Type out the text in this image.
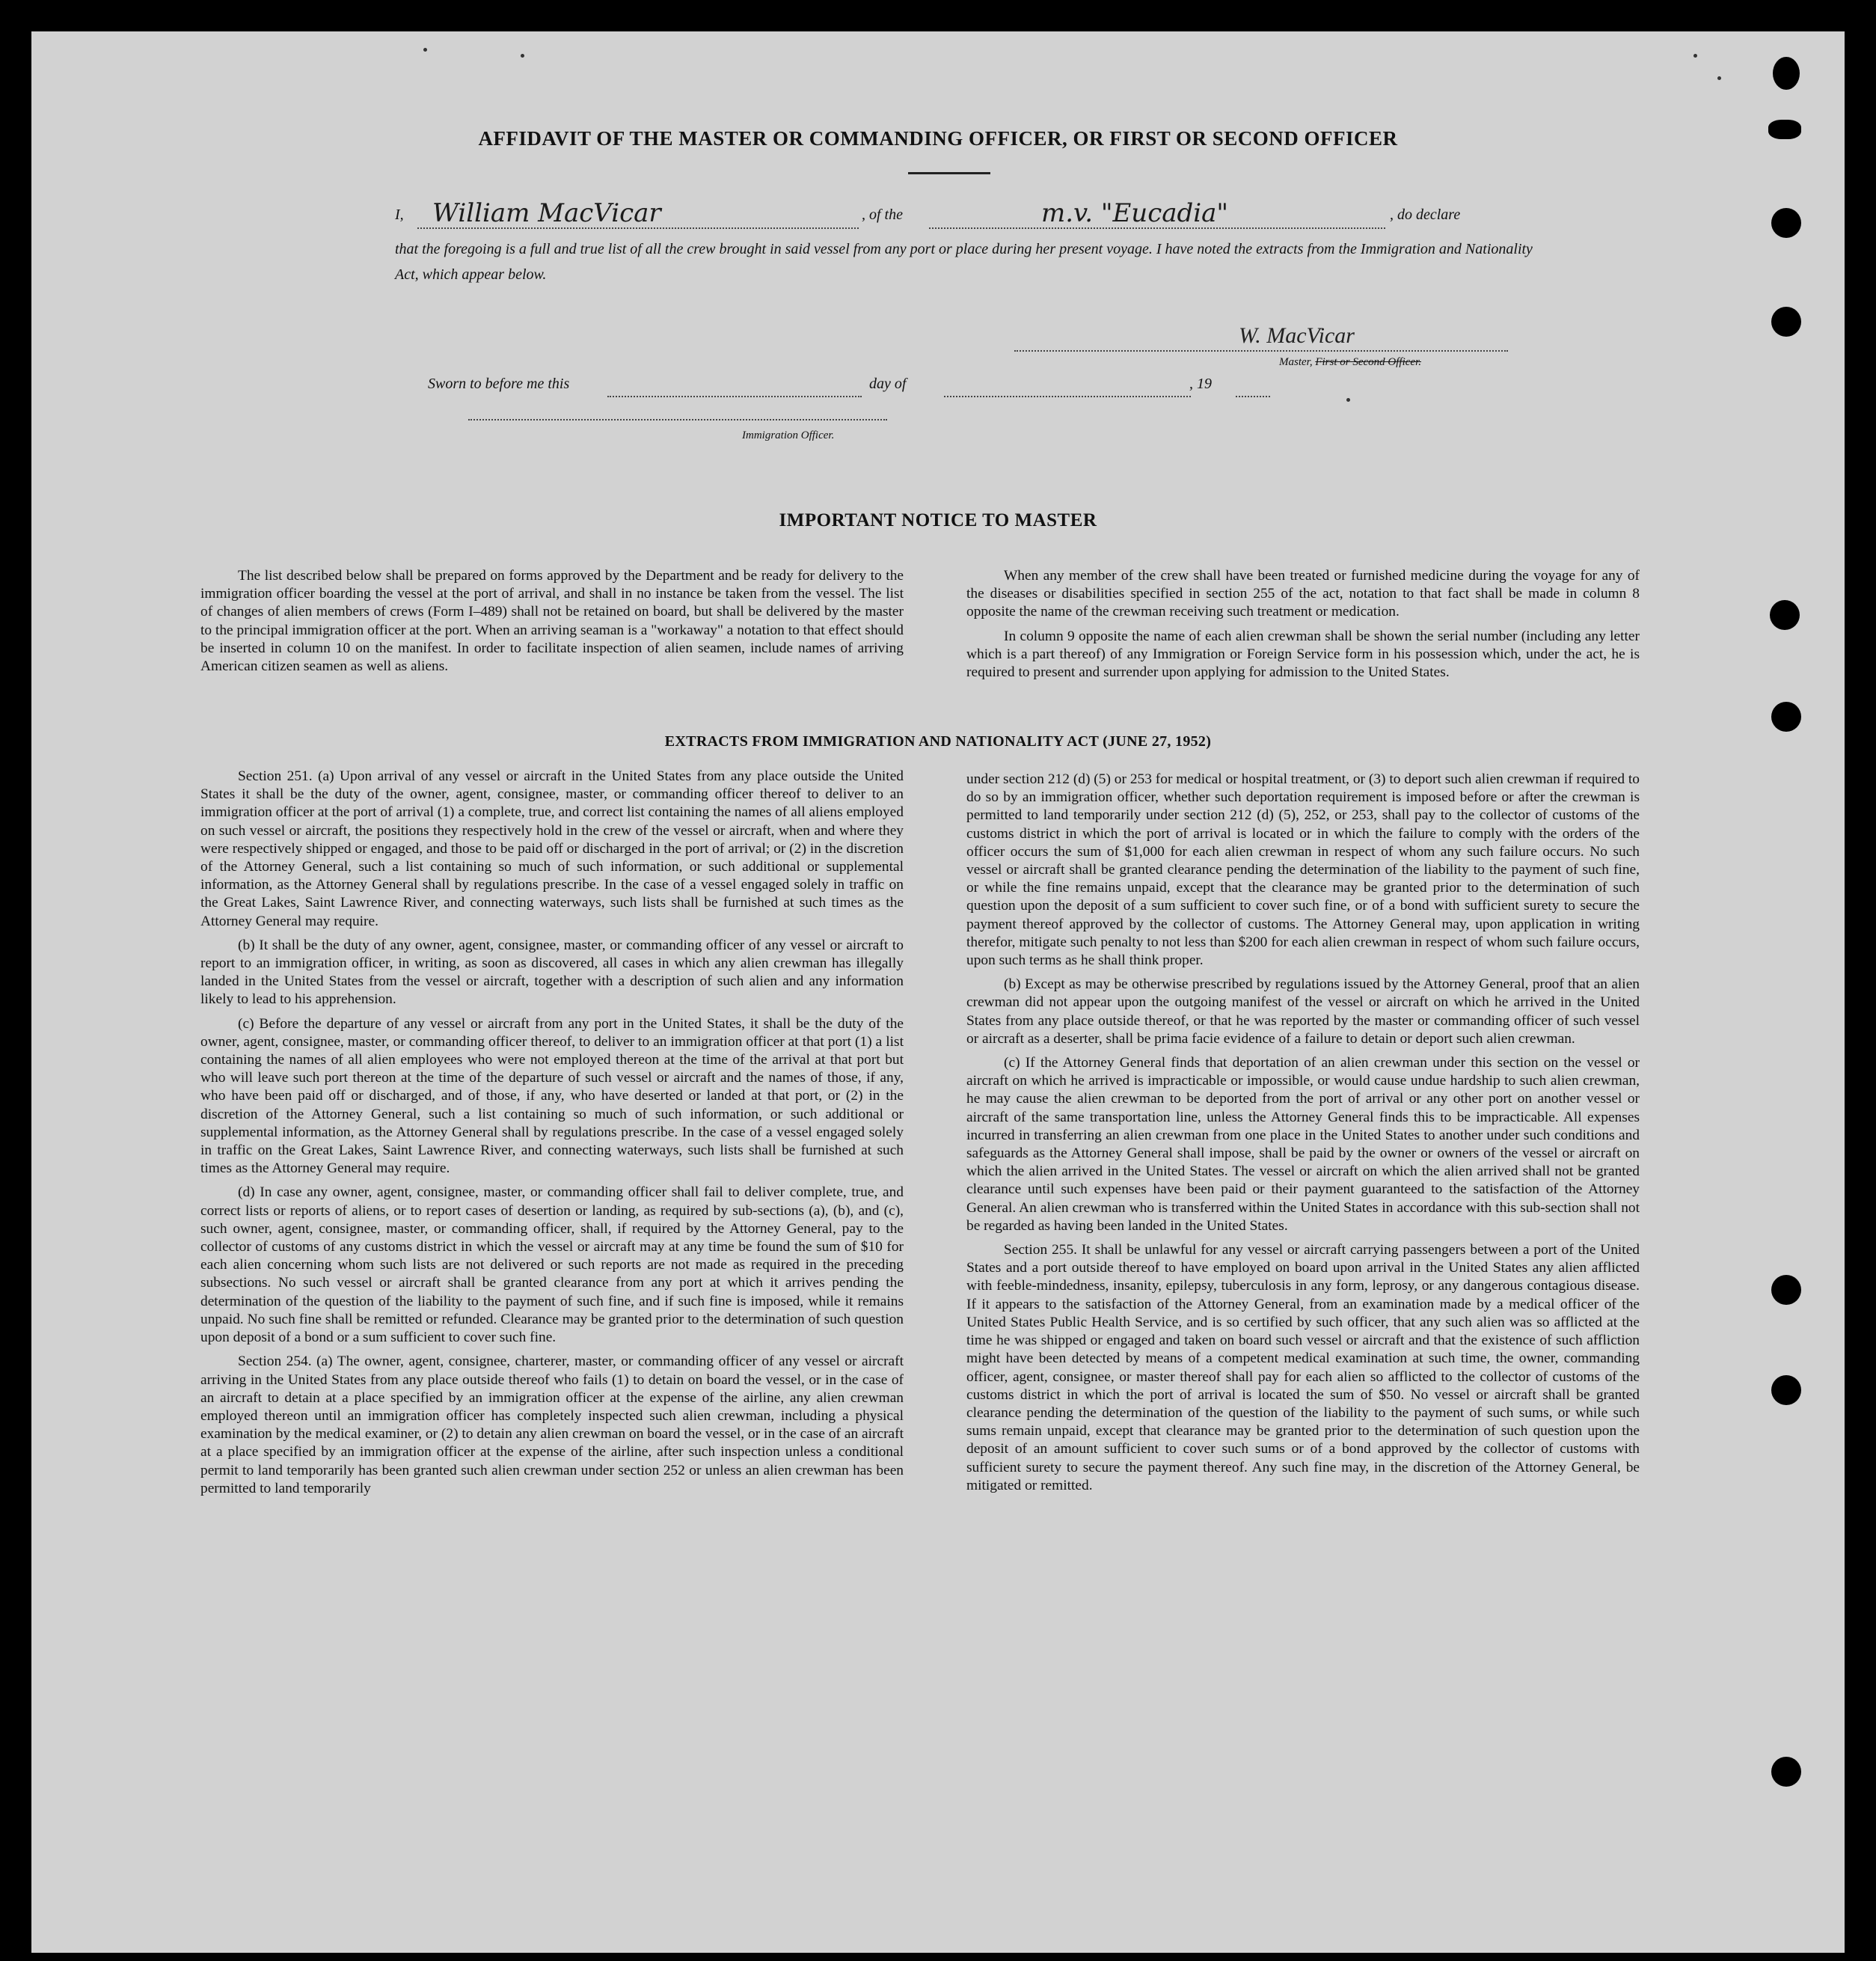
AFFIDAVIT OF THE MASTER OR COMMANDING OFFICER, OR FIRST OR SECOND OFFICER
I, William MacVicar	, of the	m.v. "Eucadia"	, do declare
that the foregoing is a full and true list of all the crew brought in said vessel from any port or place during her present voyage. I have noted the extracts from the Immigration and Nationality Act, which appear below.
W. MacVicar
Master, First or Second Officer.
Sworn to before me this	day of	, 19
Immigration Officer.
IMPORTANT NOTICE TO MASTER

The list described below shall be prepared on forms approved by the Department and be ready for delivery to the immigration officer boarding the vessel at the port of arrival, and shall in no instance be taken from the vessel. The list of changes of alien members of crews (Form I–489) shall not be retained on board, but shall be delivered by the master to the principal immigration officer at the port. When an arriving seaman is a "workaway" a notation to that effect should be inserted in column 10 on the manifest. In order to facilitate inspection of alien seamen, include names of arriving American citizen seamen as well as aliens.

When any member of the crew shall have been treated or furnished medicine during the voyage for any of the diseases or disabilities specified in section 255 of the act, notation to that fact shall be made in column 8 opposite the name of the crewman receiving such treatment or medication.

In column 9 opposite the name of each alien crewman shall be shown the serial number (including any letter which is a part thereof) of any Immigration or Foreign Service form in his possession which, under the act, he is required to present and surrender upon applying for admission to the United States.

EXTRACTS FROM IMMIGRATION AND NATIONALITY ACT (JUNE 27, 1952)

Section 251. (a) Upon arrival of any vessel or aircraft in the United States from any place outside the United States it shall be the duty of the owner, agent, consignee, master, or commanding officer thereof to deliver to an immigration officer at the port of arrival (1) a complete, true, and correct list containing the names of all aliens employed on such vessel or aircraft, the positions they respectively hold in the crew of the vessel or aircraft, when and where they were respectively shipped or engaged, and those to be paid off or discharged in the port of arrival; or (2) in the discretion of the Attorney General, such a list containing so much of such information, or such additional or supplemental information, as the Attorney General shall by regulations prescribe. In the case of a vessel engaged solely in traffic on the Great Lakes, Saint Lawrence River, and connecting waterways, such lists shall be furnished at such times as the Attorney General may require.

(b) It shall be the duty of any owner, agent, consignee, master, or commanding officer of any vessel or aircraft to report to an immigration officer, in writing, as soon as discovered, all cases in which any alien crewman has illegally landed in the United States from the vessel or aircraft, together with a description of such alien and any information likely to lead to his apprehension.

(c) Before the departure of any vessel or aircraft from any port in the United States, it shall be the duty of the owner, agent, consignee, master, or commanding officer thereof, to deliver to an immigration officer at that port (1) a list containing the names of all alien employees who were not employed thereon at the time of the arrival at that port but who will leave such port thereon at the time of the departure of such vessel or aircraft and the names of those, if any, who have been paid off or discharged, and of those, if any, who have deserted or landed at that port, or (2) in the discretion of the Attorney General, such a list containing so much of such information, or such additional or supplemental information, as the Attorney General shall by regulations prescribe. In the case of a vessel engaged solely in traffic on the Great Lakes, Saint Lawrence River, and connecting waterways, such lists shall be furnished at such times as the Attorney General may require.

(d) In case any owner, agent, consignee, master, or commanding officer shall fail to deliver complete, true, and correct lists or reports of aliens, or to report cases of desertion or landing, as required by sub-sections (a), (b), and (c), such owner, agent, consignee, master, or commanding officer, shall, if required by the Attorney General, pay to the collector of customs of any customs district in which the vessel or aircraft may at any time be found the sum of $10 for each alien concerning whom such lists are not delivered or such reports are not made as required in the preceding subsections. No such vessel or aircraft shall be granted clearance from any port at which it arrives pending the determination of the question of the liability to the payment of such fine, and if such fine is imposed, while it remains unpaid. No such fine shall be remitted or refunded. Clearance may be granted prior to the determination of such question upon deposit of a bond or a sum sufficient to cover such fine.

Section 254. (a) The owner, agent, consignee, charterer, master, or commanding officer of any vessel or aircraft arriving in the United States from any place outside thereof who fails (1) to detain on board the vessel, or in the case of an aircraft to detain at a place specified by an immigration officer at the expense of the airline, any alien crewman employed thereon until an immigration officer has completely inspected such alien crewman, including a physical examination by the medical examiner, or (2) to detain any alien crewman on board the vessel, or in the case of an aircraft at a place specified by an immigration officer at the expense of the airline, after such inspection unless a conditional permit to land temporarily has been granted such alien crewman under section 252 or unless an alien crewman has been permitted to land temporarily

under section 212 (d) (5) or 253 for medical or hospital treatment, or (3) to deport such alien crewman if required to do so by an immigration officer, whether such deportation requirement is imposed before or after the crewman is permitted to land temporarily under section 212 (d) (5), 252, or 253, shall pay to the collector of customs of the customs district in which the port of arrival is located or in which the failure to comply with the orders of the officer occurs the sum of $1,000 for each alien crewman in respect of whom any such failure occurs. No such vessel or aircraft shall be granted clearance pending the determination of the liability to the payment of such fine, or while the fine remains unpaid, except that the clearance may be granted prior to the determination of such question upon the deposit of a sum sufficient to cover such fine, or of a bond with sufficient surety to secure the payment thereof approved by the collector of customs. The Attorney General may, upon application in writing therefor, mitigate such penalty to not less than $200 for each alien crewman in respect of whom such failure occurs, upon such terms as he shall think proper.

(b) Except as may be otherwise prescribed by regulations issued by the Attorney General, proof that an alien crewman did not appear upon the outgoing manifest of the vessel or aircraft on which he arrived in the United States from any place outside thereof, or that he was reported by the master or commanding officer of such vessel or aircraft as a deserter, shall be prima facie evidence of a failure to detain or deport such alien crewman.

(c) If the Attorney General finds that deportation of an alien crewman under this section on the vessel or aircraft on which he arrived is impracticable or impossible, or would cause undue hardship to such alien crewman, he may cause the alien crewman to be deported from the port of arrival or any other port on another vessel or aircraft of the same transportation line, unless the Attorney General finds this to be impracticable. All expenses incurred in transferring an alien crewman from one place in the United States to another under such conditions and safeguards as the Attorney General shall impose, shall be paid by the owner or owners of the vessel or aircraft on which the alien arrived in the United States. The vessel or aircraft on which the alien arrived shall not be granted clearance until such expenses have been paid or their payment guaranteed to the satisfaction of the Attorney General. An alien crewman who is transferred within the United States in accordance with this sub-section shall not be regarded as having been landed in the United States.

Section 255. It shall be unlawful for any vessel or aircraft carrying passengers between a port of the United States and a port outside thereof to have employed on board upon arrival in the United States any alien afflicted with feeble-mindedness, insanity, epilepsy, tuberculosis in any form, leprosy, or any dangerous contagious disease. If it appears to the satisfaction of the Attorney General, from an examination made by a medical officer of the United States Public Health Service, and is so certified by such officer, that any such alien was so afflicted at the time he was shipped or engaged and taken on board such vessel or aircraft and that the existence of such affliction might have been detected by means of a competent medical examination at such time, the owner, commanding officer, agent, consignee, or master thereof shall pay for each alien so afflicted to the collector of customs of the customs district in which the port of arrival is located the sum of $50. No vessel or aircraft shall be granted clearance pending the determination of the question of the liability to the payment of such sums, or while such sums remain unpaid, except that clearance may be granted prior to the determination of such question upon the deposit of an amount sufficient to cover such sums or of a bond approved by the collector of customs with sufficient surety to secure the payment thereof. Any such fine may, in the discretion of the Attorney General, be mitigated or remitted.
